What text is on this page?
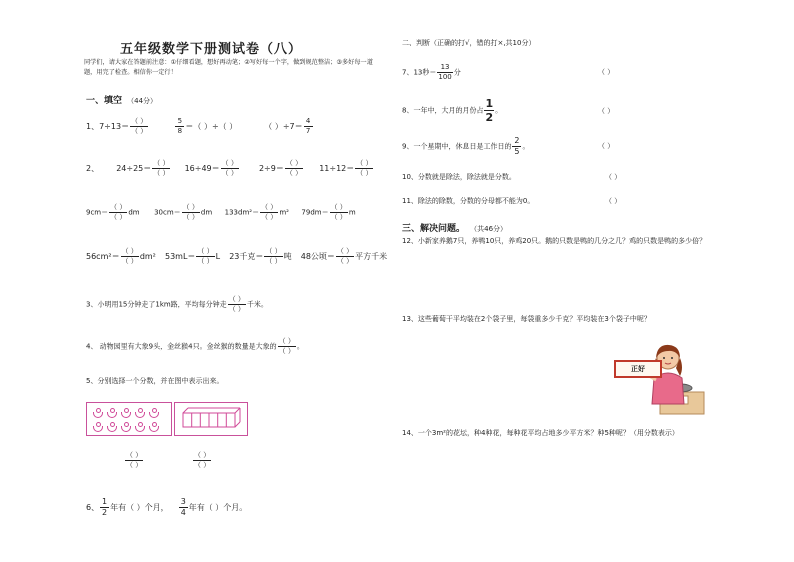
五年级数学下册测试卷（八）
同学们，请大家在答题前注意：①仔细看题，想好再动笔；②写好每一个字，做到规范整洁；③多好每一道题，用完了检查。相信你一定行！
一、填空 （44分）
1、$7\div 13= \frac{( )}{( )}$
	$\frac{5}{8}$ ＝（ ）÷（ ）	（ ）$\div 7= \frac{4}{7}$
2、 $24\div 25= \frac{( )}{( )} 16\div 49= \frac{( )}{( )}$	$2\div 9= \frac{( )}{( )} 11\div 12= \frac{( )}{( )}$
$9cm= \frac{( )}{( )}$ dm $30cm= \frac{( )}{( )}$ dm $133dm^2= \frac{( )}{( )} m^2$ $79dm= \frac{( )}{( )}$ m
$56cm^2= \frac{( )}{( )} dm^2$ $53mL= \frac{( )}{( )}$ L 23千克＝ $\frac{( )}{( )}$ 吨 48公顷＝ $\frac{( )}{( )}$ 平方千米
3、小明用15分钟走了1km路，平均每分钟走 $\frac{( )}{( )}$ 千米。
4、 动物园里有大象9头，金丝猴4只。金丝猴的数量是大象的 $\frac{( )}{( )}$ 。
5、分别选择一个分数，并在图中表示出来。
$\frac{( )}{( )}$	$\frac{( )}{( )}$
6、 $\frac{1}{2}$ 年有（ ）个月， $\frac{3}{4}$ 年有（ ）个月。
二、判断（正确的打√，错的打×,共10分）
7、13秒＝ $\frac{13}{100}$ 分	（ ）
8、一年中，大月的月份占 $\frac{1}{2}$ 。	（ ）
9、一个星期中，休息日是工作日的 $\frac{2}{5}$ 。	（ ）
10、分数就是除法，除法就是分数。	（ ）
11、除法的除数，分数的分母都不能为0。	（ ）
三、解决问题。 （共46分）
12、小新家养鹅7只，养鸭10只，养鸡20只。鹅的只数是鸭的几分之几？鸡的只数是鸭的多少倍？
13、这些葡萄干平均装在2个袋子里，每袋重多少千克？平均装在3个袋子中呢？
正好
14、一个3m²的花坛，种4种花，每种花平均占地多少平方米？种5种呢？（用分数表示）
